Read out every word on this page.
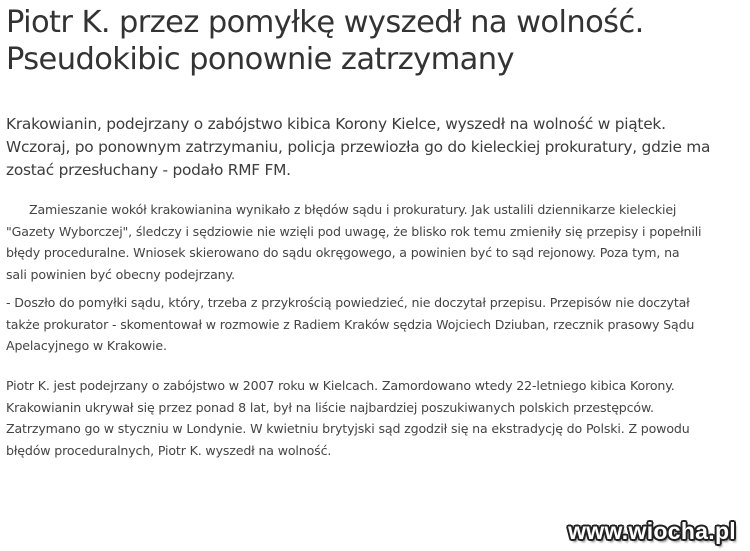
Piotr K. przez pomyłkę wyszedł na wolność.
Pseudokibic ponownie zatrzymany

Krakowianin, podejrzany o zabójstwo kibica Korony Kielce, wyszedł na wolność w piątek.
Wczoraj, po ponownym zatrzymaniu, policja przewiozła go do kieleckiej prokuratury, gdzie ma
zostać przesłuchany - podało RMF FM.

Zamieszanie wokół krakowianina wynikało z błędów sądu i prokuratury. Jak ustalili dziennikarze kieleckiej
"Gazety Wyborczej", śledczy i sędziowie nie wzięli pod uwagę, że blisko rok temu zmieniły się przepisy i popełnili
błędy proceduralne. Wniosek skierowano do sądu okręgowego, a powinien być to sąd rejonowy. Poza tym, na
sali powinien być obecny podejrzany.

- Doszło do pomyłki sądu, który, trzeba z przykrością powiedzieć, nie doczytał przepisu. Przepisów nie doczytał
także prokurator - skomentował w rozmowie z Radiem Kraków sędzia Wojciech Dziuban, rzecznik prasowy Sądu
Apelacyjnego w Krakowie.

Piotr K. jest podejrzany o zabójstwo w 2007 roku w Kielcach. Zamordowano wtedy 22-letniego kibica Korony.
Krakowianin ukrywał się przez ponad 8 lat, był na liście najbardziej poszukiwanych polskich przestępców.
Zatrzymano go w styczniu w Londynie. W kwietniu brytyjski sąd zgodził się na ekstradycję do Polski. Z powodu
błędów proceduralnych, Piotr K. wyszedł na wolność.

www.wiocha.pl
